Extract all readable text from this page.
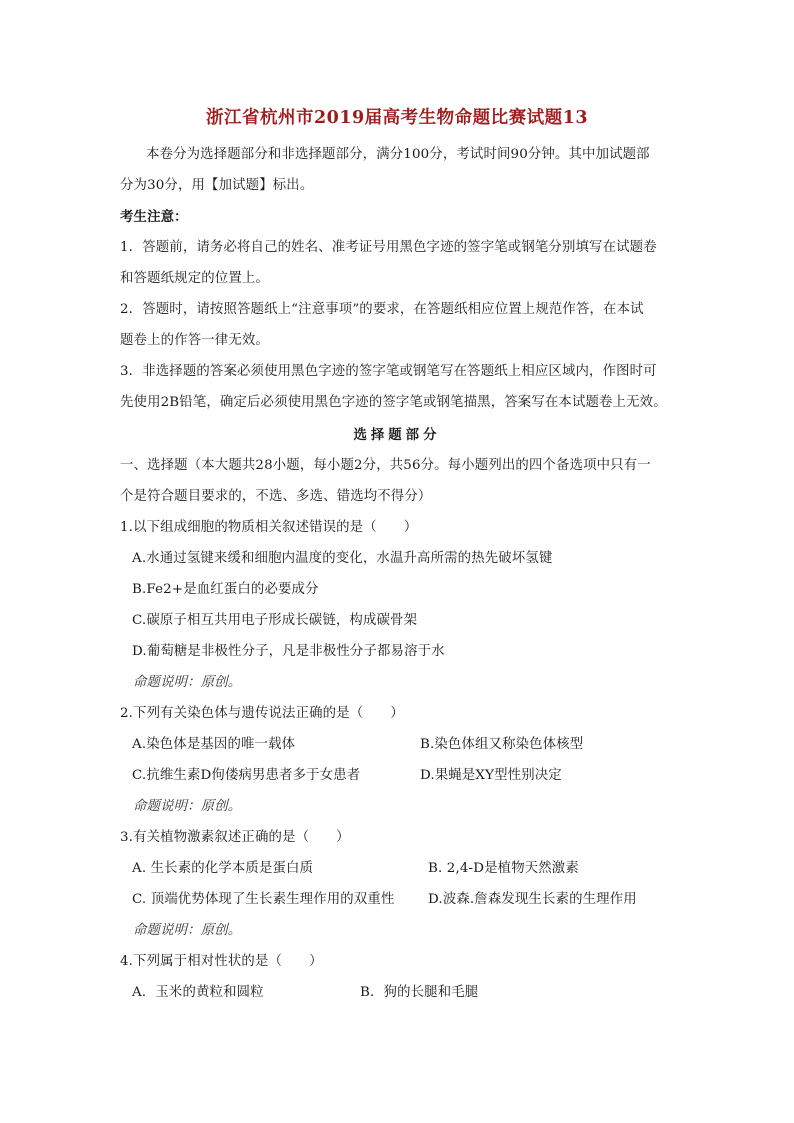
浙江省杭州市2019届高考生物命题比赛试题13
本卷分为选择题部分和非选择题部分，满分100分，考试时间90分钟。其中加试题部
分为30分，用【加试题】标出。
考生注意：
1．答题前，请务必将自己的姓名、准考证号用黑色字迹的签字笔或钢笔分别填写在试题卷
和答题纸规定的位置上。
2．答题时，请按照答题纸上“注意事项”的要求，在答题纸相应位置上规范作答，在本试
题卷上的作答一律无效。
3．非选择题的答案必须使用黑色字迹的签字笔或钢笔写在答题纸上相应区域内，作图时可
先使用2B铅笔，确定后必须使用黑色字迹的签字笔或钢笔描黑，答案写在本试题卷上无效。
选择题部分
一、选择题（本大题共28小题，每小题2分，共56分。每小题列出的四个备选项中只有一
个是符合题目要求的，不选、多选、错选均不得分）
1.以下组成细胞的物质相关叙述错误的是（　　）
A.水通过氢键来缓和细胞内温度的变化，水温升高所需的热先破坏氢键
B.Fe2+是血红蛋白的必要成分
C.碳原子相互共用电子形成长碳链，构成碳骨架
D.葡萄糖是非极性分子，凡是非极性分子都易溶于水
命题说明：原创。
2.下列有关染色体与遗传说法正确的是（　　）
A.染色体是基因的唯一载体	B.染色体组又称染色体核型
C.抗维生素D佝偻病男患者多于女患者	D.果蝇是XY型性别决定
命题说明：原创。
3.有关植物激素叙述正确的是（　　）
A. 生长素的化学本质是蛋白质	B. 2,4-D是植物天然激素
C. 顶端优势体现了生长素生理作用的双重性	D.波森.詹森发现生长素的生理作用
命题说明：原创。
4.下列属于相对性状的是（　　）
A．玉米的黄粒和圆粒	B．狗的长腿和毛腿
